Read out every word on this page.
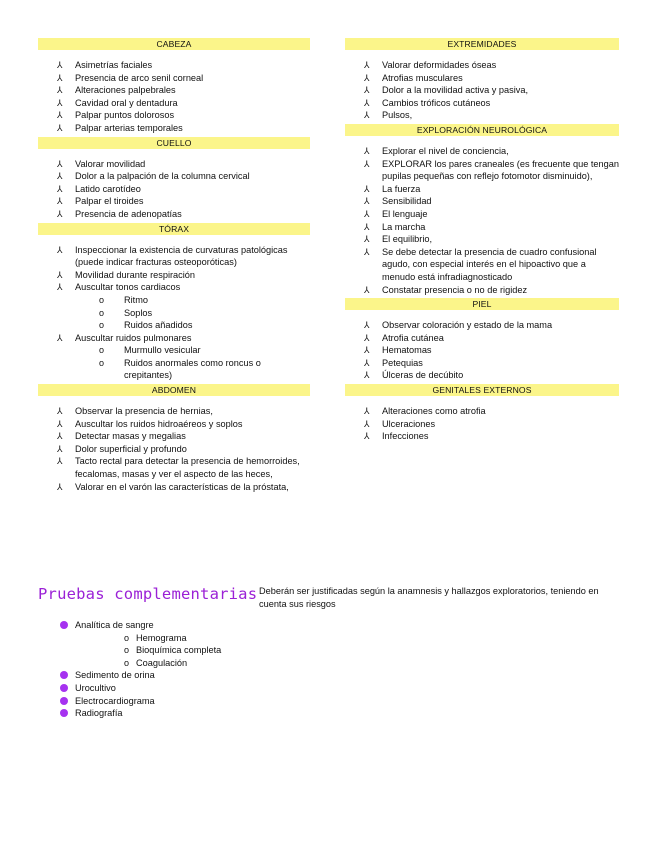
CABEZA
⅄ Asimetrías faciales
⅄ Presencia de arco senil corneal
⅄ Alteraciones palpebrales
⅄ Cavidad oral y dentadura
⅄ Palpar puntos dolorosos
⅄ Palpar arterias temporales
CUELLO
⅄ Valorar movilidad
⅄ Dolor a la palpación de la columna cervical
⅄ Latido carotídeo
⅄ Palpar el tiroides
⅄ Presencia de adenopatías
TÓRAX
⅄ Inspeccionar la existencia de curvaturas patológicas (puede indicar fracturas osteoporóticas)
⅄ Movilidad durante respiración
⅄ Auscultar tonos cardiacos
o Ritmo
o Soplos
o Ruidos añadidos
⅄ Auscultar ruidos pulmonares
o Murmullo vesicular
o Ruidos anormales como roncus o crepitantes)
ABDOMEN
⅄ Observar la presencia de hernias,
⅄ Auscultar los ruidos hidroaéreos y soplos
⅄ Detectar masas y megalias
⅄ Dolor superficial y profundo
⅄ Tacto rectal para detectar la presencia de hemorroides, fecalomas, masas y ver el aspecto de las heces,
⅄ Valorar en el varón las características de la próstata,
EXTREMIDADES
⅄ Valorar deformidades óseas
⅄ Atrofias musculares
⅄ Dolor a la movilidad activa y pasiva,
⅄ Cambios tróficos cutáneos
⅄ Pulsos,
EXPLORACIÓN NEUROLÓGICA
⅄ Explorar el nivel de conciencia,
⅄ EXPLORAR los pares craneales (es frecuente que tengan pupilas pequeñas con reflejo fotomotor disminuido),
⅄ La fuerza
⅄ Sensibilidad
⅄ El lenguaje
⅄ La marcha
⅄ El equilibrio,
⅄ Se debe detectar la presencia de cuadro confusional agudo, con especial interés en el hipoactivo que a menudo está infradiagnosticado
⅄ Constatar presencia o no de rigidez
PIEL
⅄ Observar coloración y estado de la mama
⅄ Atrofia cutánea
⅄ Hematomas
⅄ Petequias
⅄ Úlceras de decúbito
GENITALES EXTERNOS
⅄ Alteraciones como atrofia
⅄ Ulceraciones
⅄ Infecciones
Pruebas complementarias Deberán ser justificadas según la anamnesis y hallazgos exploratorios, teniendo en cuenta sus riesgos
Analítica de sangre
o Hemograma
o Bioquímica completa
o Coagulación
Sedimento de orina
Urocultivo
Electrocardiograma
Radiografía
